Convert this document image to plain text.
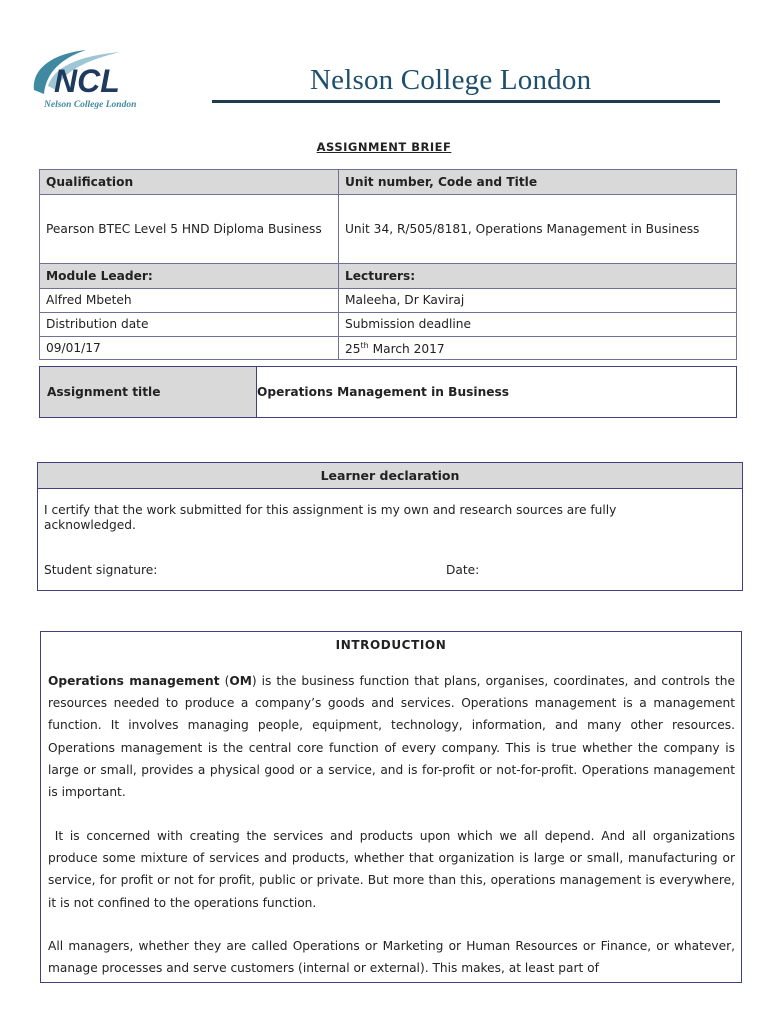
NCL
Nelson College London
Nelson College London
ASSIGNMENT BRIEF
Qualification	Unit number, Code and Title
Pearson BTEC Level 5 HND Diploma Business	Unit 34, R/505/8181, Operations Management in Business
Module Leader:	Lecturers:
Alfred Mbeteh	Maleeha, Dr Kaviraj
Distribution date	Submission deadline
09/01/17	25th March 2017
Assignment title	Operations Management in Business
Learner declaration
I certify that the work submitted for this assignment is my own and research sources are fully acknowledged.
Student signature:	Date:
INTRODUCTION

Operations management (OM) is the business function that plans, organises, coordinates, and controls the resources needed to produce a company’s goods and services. Operations management is a management function. It involves managing people, equipment, technology, information, and many other resources. Operations management is the central core function of every company. This is true whether the company is large or small, provides a physical good or a service, and is for-profit or not-for-profit. Operations management is important.

It is concerned with creating the services and products upon which we all depend. And all organizations produce some mixture of services and products, whether that organization is large or small, manufacturing or service, for profit or not for profit, public or private. But more than this, operations management is everywhere, it is not confined to the operations function.

All managers, whether they are called Operations or Marketing or Human Resources or Finance, or whatever, manage processes and serve customers (internal or external). This makes, at least part of
